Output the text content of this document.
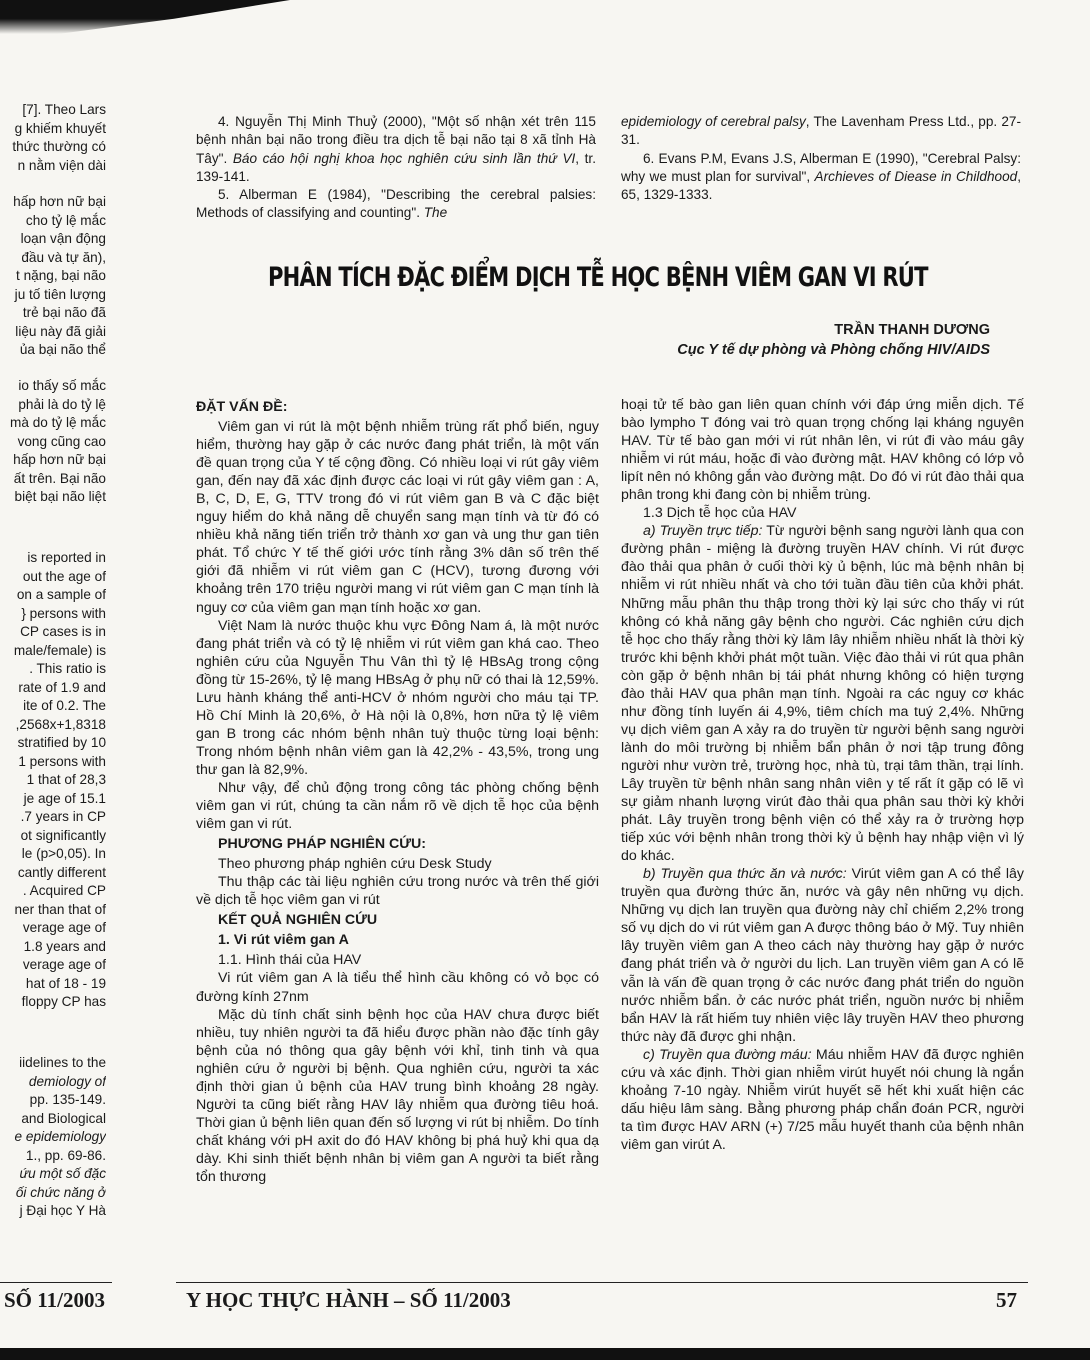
[7]. Theo Lars
g khiếm khuyết
thức thường có
n nằm viện dài
hấp hơn nữ bại
cho tỷ lệ mắc
loạn vận động
đầu và tự ăn),
t nặng, bại não
ju tố tiên lượng
trẻ bại não đã
liệu này đã giải
ủa bại não thể
io thấy số mắc
phải là do tỷ lệ
mà do tỷ lệ mắc
vong cũng cao
hấp hơn nữ bại
ất trên. Bại não
biệt bại não liệt
is reported in
out the age of
on a sample of
} persons with
CP cases is in
male/female) is
. This ratio is
rate of 1.9 and
ite of 0.2. The
,2568x+1,8318
stratified by 10
1 persons with
1 that of 28,3
je age of 15.1
.7 years in CP
ot significantly
le (p>0,05). In
cantly different
. Acquired CP
ner than that of
verage age of
1.8 years and
verage age of
hat of 18 - 19
floppy CP has
iidelines to the
demiology of
pp. 135-149.
and Biological
e epidemiology
1., pp. 69-86.
ứu một số đặc
ối chức năng ở
j Đại học Y Hà

4. Nguyễn Thị Minh Thuỷ (2000), "Một số nhận xét trên 115 bệnh nhân bại não trong điều tra dịch tễ bại não tại 8 xã tỉnh Hà Tây". Báo cáo hội nghị khoa học nghiên cứu sinh lần thứ VI, tr. 139-141.

5. Alberman E (1984), "Describing the cerebral palsies: Methods of classifying and counting". The

epidemiology of cerebral palsy, The Lavenham Press Ltd., pp. 27-31.

6. Evans P.M, Evans J.S, Alberman E (1990), "Cerebral Palsy: why we must plan for survival", Archieves of Diease in Childhood, 65, 1329-1333.

PHÂN TÍCH ĐẶC ĐIỂM DỊCH TỄ HỌC BỆNH VIÊM GAN VI RÚT
TRẦN THANH DƯƠNG
Cục Y tế dự phòng và Phòng chống HIV/AIDS

ĐẶT VẤN ĐỀ:

Viêm gan vi rút là một bệnh nhiễm trùng rất phổ biến, nguy hiểm, thường hay gặp ở các nước đang phát triển, là một vấn đề quan trọng của Y tế cộng đồng. Có nhiều loại vi rút gây viêm gan, đến nay đã xác định được các loại vi rút gây viêm gan : A, B, C, D, E, G, TTV trong đó vi rút viêm gan B và C đặc biệt nguy hiểm do khả năng dễ chuyển sang mạn tính và từ đó có nhiều khả năng tiến triển trở thành xơ gan và ung thư gan tiên phát. Tổ chức Y tế thế giới ước tính rằng 3% dân số trên thế giới đã nhiễm vi rút viêm gan C (HCV), tương đương với khoảng trên 170 triệu người mang vi rút viêm gan C mạn tính là nguy cơ của viêm gan mạn tính hoặc xơ gan.

Việt Nam là nước thuộc khu vực Đông Nam á, là một nước đang phát triển và có tỷ lệ nhiễm vi rút viêm gan khá cao. Theo nghiên cứu của Nguyễn Thu Vân thì tỷ lệ HBsAg trong cộng đồng từ 15-26%, tỷ lệ mang HBsAg ở phụ nữ có thai là 12,59%. Lưu hành kháng thể anti-HCV ở nhóm người cho máu tại TP. Hồ Chí Minh là 20,6%, ở Hà nội là 0,8%, hơn nữa tỷ lệ viêm gan B trong các nhóm bệnh nhân tuỳ thuộc từng loại bệnh: Trong nhóm bệnh nhân viêm gan là 42,2% - 43,5%, trong ung thư gan là 82,9%.

Như vậy, để chủ động trong công tác phòng chống bệnh viêm gan vi rút, chúng ta cần nắm rõ về dịch tễ học của bệnh viêm gan vi rút.

PHƯƠNG PHÁP NGHIÊN CỨU:

Theo phương pháp nghiên cứu Desk Study

Thu thập các tài liệu nghiên cứu trong nước và trên thế giới về dịch tễ học viêm gan vi rút

KẾT QUẢ NGHIÊN CỨU

1. Vi rút viêm gan A

1.1. Hình thái của HAV

Vi rút viêm gan A là tiểu thể hình cầu không có vỏ bọc có đường kính 27nm

Mặc dù tính chất sinh bệnh học của HAV chưa được biết nhiều, tuy nhiên người ta đã hiểu được phần nào đặc tính gây bệnh của nó thông qua gây bệnh với khỉ, tinh tinh và qua nghiên cứu ở người bị bệnh. Qua nghiên cứu, người ta xác định thời gian ủ bệnh của HAV trung bình khoảng 28 ngày. Người ta cũng biết rằng HAV lây nhiễm qua đường tiêu hoá. Thời gian ủ bệnh liên quan đến số lượng vi rút bị nhiễm. Do tính chất kháng với pH axit do đó HAV không bị phá huỷ khi qua dạ dày. Khi sinh thiết bệnh nhân bị viêm gan A người ta biết rằng tổn thương

hoại tử tế bào gan liên quan chính với đáp ứng miễn dịch. Tế bào lympho T đóng vai trò quan trọng chống lại kháng nguyên HAV. Từ tế bào gan mới vi rút nhân lên, vi rút đi vào máu gây nhiễm vi rút máu, hoặc đi vào đường mật. HAV không có lớp vỏ lipít nên nó không gắn vào đường mật. Do đó vi rút đào thải qua phân trong khi đang còn bị nhiễm trùng.

1.3 Dịch tễ học của HAV

a) Truyền trực tiếp: Từ người bệnh sang người lành qua con đường phân - miệng là đường truyền HAV chính. Vi rút được đào thải qua phân ở cuối thời kỳ ủ bệnh, lúc mà bệnh nhân bị nhiễm vi rút nhiều nhất và cho tới tuần đầu tiên của khởi phát. Những mẫu phân thu thập trong thời kỳ lại sức cho thấy vi rút không có khả năng gây bệnh cho người. Các nghiên cứu dịch tễ học cho thấy rằng thời kỳ lâm lây nhiễm nhiều nhất là thời kỳ trước khi bệnh khởi phát một tuần. Việc đào thải vi rút qua phân còn gặp ở bệnh nhân bị tái phát nhưng không có hiện tượng đào thải HAV qua phân mạn tính. Ngoài ra các nguy cơ khác như đồng tính luyến ái 4,9%, tiêm chích ma tuý 2,4%. Những vụ dịch viêm gan A xảy ra do truyền từ người bệnh sang người lành do môi trường bị nhiễm bẩn phân ở nơi tập trung đông người như vườn trẻ, trường học, nhà tù, trại tâm thần, trại lính. Lây truyền từ bệnh nhân sang nhân viên y tế rất ít gặp có lẽ vì sự giảm nhanh lượng virút đào thải qua phân sau thời kỳ khởi phát. Lây truyền trong bệnh viện có thể xảy ra ở trường hợp tiếp xúc với bệnh nhân trong thời kỳ ủ bệnh hay nhập viện vì lý do khác.

b) Truyền qua thức ăn và nước: Virút viêm gan A có thể lây truyền qua đường thức ăn, nước và gây nên những vụ dịch. Những vụ dịch lan truyền qua đường này chỉ chiếm 2,2% trong số vụ dịch do vi rút viêm gan A được thông báo ở Mỹ. Tuy nhiên lây truyền viêm gan A theo cách này thường hay gặp ở nước đang phát triển và ở người du lịch. Lan truyền viêm gan A có lẽ vẫn là vấn đề quan trọng ở các nước đang phát triển do nguồn nước nhiễm bẩn. ở các nước phát triển, nguồn nước bị nhiễm bẩn HAV là rất hiếm tuy nhiên việc lây truyền HAV theo phương thức này đã được ghi nhận.

c) Truyền qua đường máu: Máu nhiễm HAV đã được nghiên cứu và xác định. Thời gian nhiễm virút huyết nói chung là ngắn khoảng 7-10 ngày. Nhiễm virút huyết sẽ hết khi xuất hiện các dấu hiệu lâm sàng. Bằng phương pháp chẩn đoán PCR, người ta tìm được HAV ARN (+) 7/25 mẫu huyết thanh của bệnh nhân viêm gan virút A.

SỐ 11/2003	Y HỌC THỰC HÀNH – SỐ 11/2003	57
